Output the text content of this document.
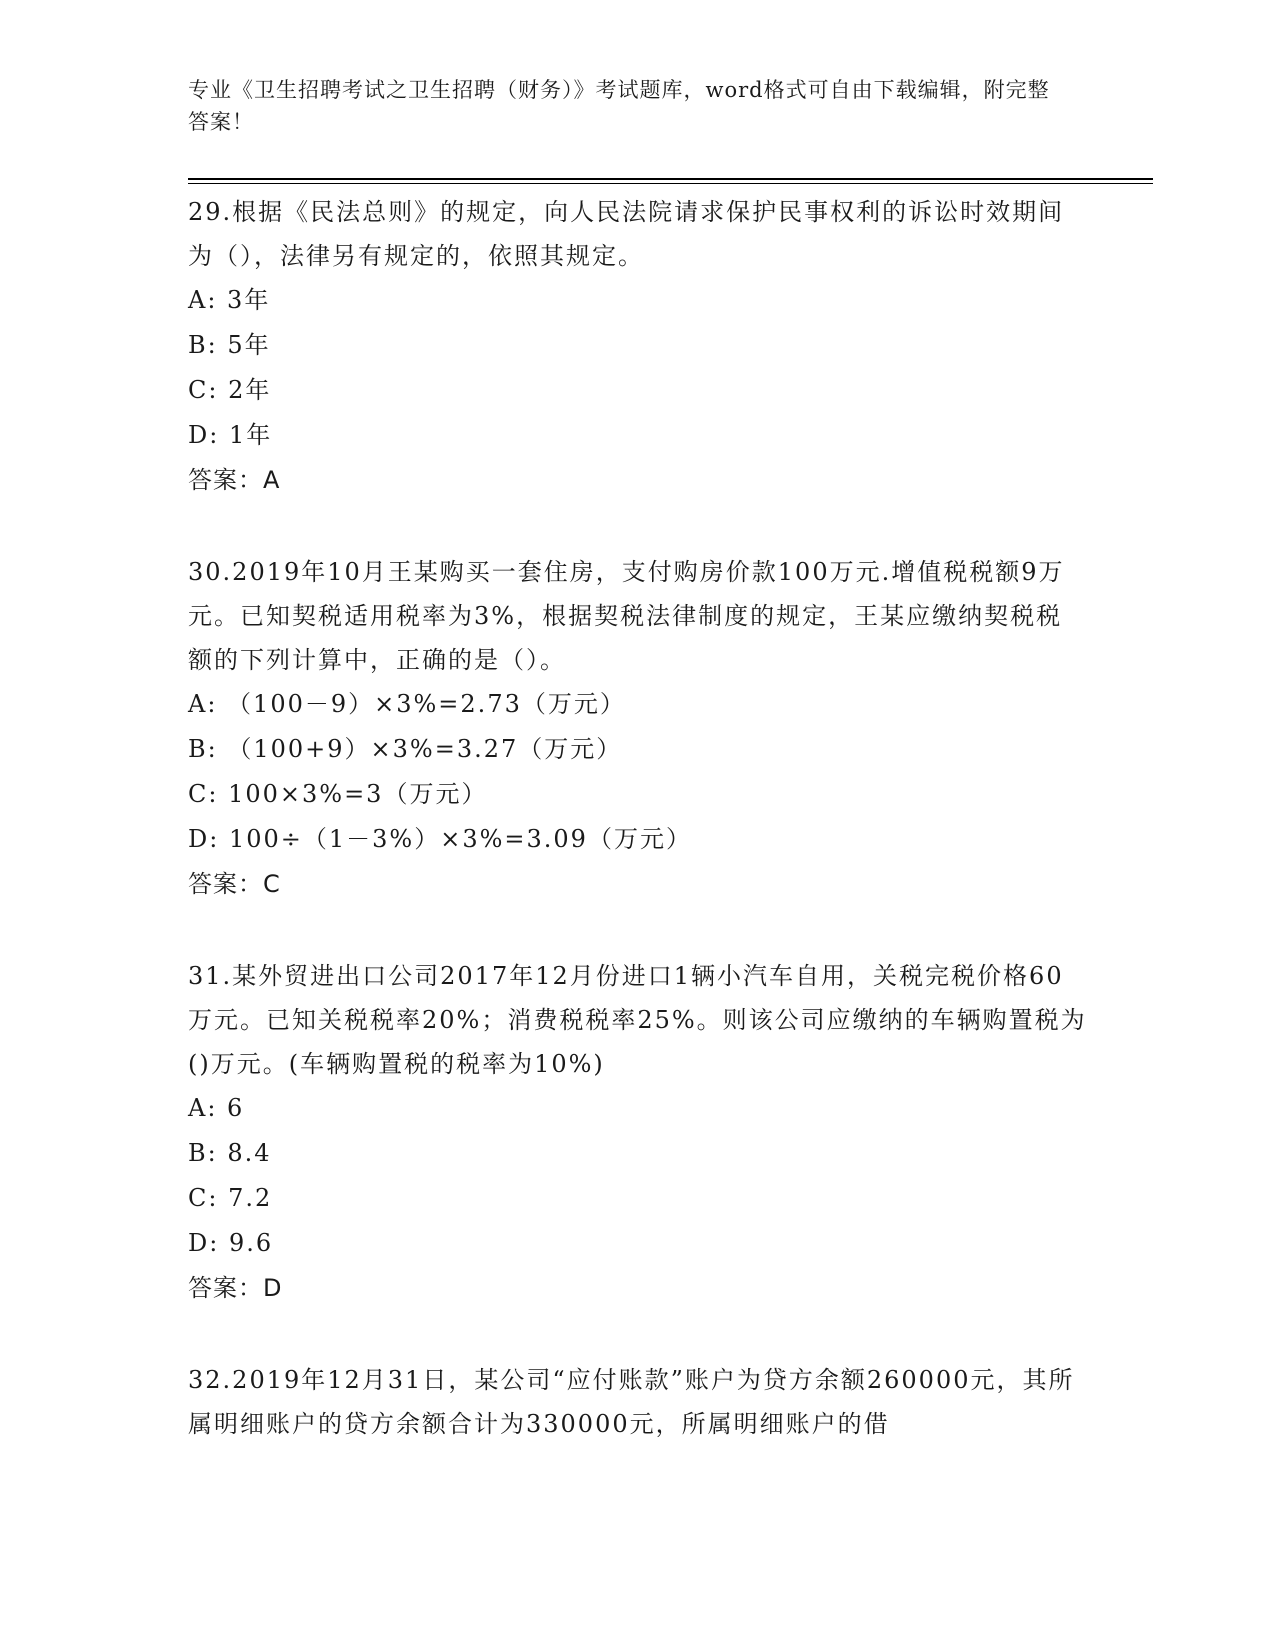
专业《卫生招聘考试之卫生招聘（财务）》考试题库，word格式可自由下载编辑，附完整答案！
29.根据《民法总则》的规定，向人民法院请求保护民事权利的诉讼时效期间为（），法律另有规定的，依照其规定。
A: 3年
B: 5年
C: 2年
D: 1年
答案：A
30.2019年10月王某购买一套住房，支付购房价款100万元.增值税税额9万元。已知契税适用税率为3%，根据契税法律制度的规定，王某应缴纳契税税额的下列计算中，正确的是（）。
A: （100－9）×3%=2.73（万元）
B: （100+9）×3%=3.27（万元）
C: 100×3%=3（万元）
D: 100÷（1－3%）×3%=3.09（万元）
答案：C
31.某外贸进出口公司2017年12月份进口1辆小汽车自用，关税完税价格60万元。已知关税税率20%；消费税税率25%。则该公司应缴纳的车辆购置税为()万元。(车辆购置税的税率为10%)
A: 6
B: 8.4
C: 7.2
D: 9.6
答案：D
32.2019年12月31日，某公司“应付账款”账户为贷方余额260000元，其所属明细账户的贷方余额合计为330000元，所属明细账户的借
